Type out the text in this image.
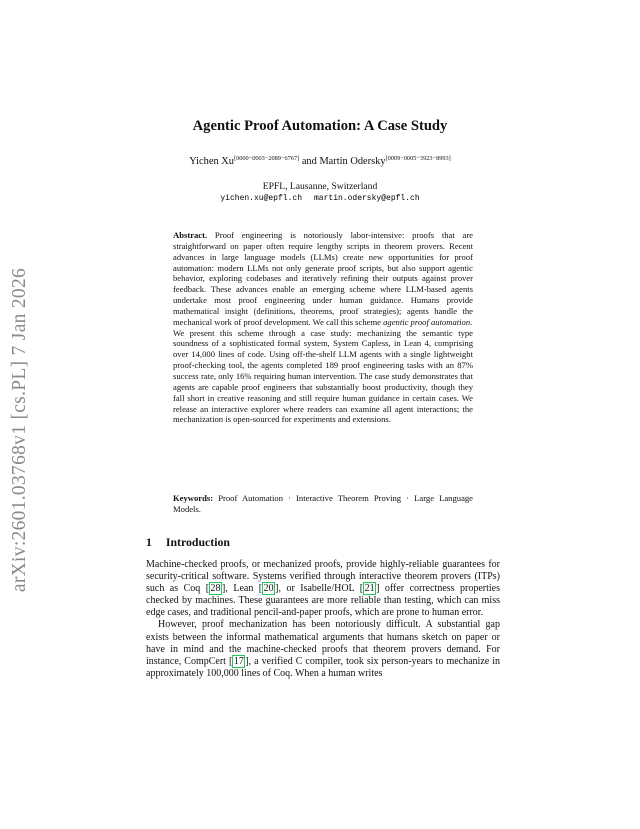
arXiv:2601.03768v1 [cs.PL] 7 Jan 2026
Agentic Proof Automation: A Case Study
Yichen Xu[0000−0003−2089−6767] and Martin Odersky[0009−0005−3923−8993]
EPFL, Lausanne, Switzerland
yichen.xu@epfl.ch martin.odersky@epfl.ch

Abstract. Proof engineering is notoriously labor-intensive: proofs that are straightforward on paper often require lengthy scripts in theorem provers. Recent advances in large language models (LLMs) create new opportunities for proof automation: modern LLMs not only generate proof scripts, but also support agentic behavior, exploring codebases and iteratively refining their outputs against prover feedback. These advances enable an emerging scheme where LLM-based agents undertake most proof engineering under human guidance. Humans provide mathematical insight (definitions, theorems, proof strategies); agents handle the mechanical work of proof development. We call this scheme agentic proof automation.

We present this scheme through a case study: mechanizing the semantic type soundness of a sophisticated formal system, System Capless, in Lean 4, comprising over 14,000 lines of code. Using off-the-shelf LLM agents with a single lightweight proof-checking tool, the agents completed 189 proof engineering tasks with an 87% success rate, only 16% requiring human intervention. The case study demonstrates that agents are capable proof engineers that substantially boost productivity, though they fall short in creative reasoning and still require human guidance in certain cases. We release an interactive explorer where readers can examine all agent interactions; the mechanization is open-sourced for experiments and extensions.

Keywords: Proof Automation · Interactive Theorem Proving · Large Language Models.
1 Introduction

Machine-checked proofs, or mechanized proofs, provide highly-reliable guarantees for security-critical software. Systems verified through interactive theorem provers (ITPs) such as Coq [ 28 ], Lean [ 20 ], or Isabelle/HOL [ 21 ] offer correctness properties checked by machines. These guarantees are more reliable than testing, which can miss edge cases, and traditional pencil-and-paper proofs, which are prone to human error.

However, proof mechanization has been notoriously difficult. A substantial gap exists between the informal mathematical arguments that humans sketch on paper or have in mind and the machine-checked proofs that theorem provers demand. For instance, CompCert [ 17 ], a verified C compiler, took six person-years to mechanize in approximately 100,000 lines of Coq. When a human writes
